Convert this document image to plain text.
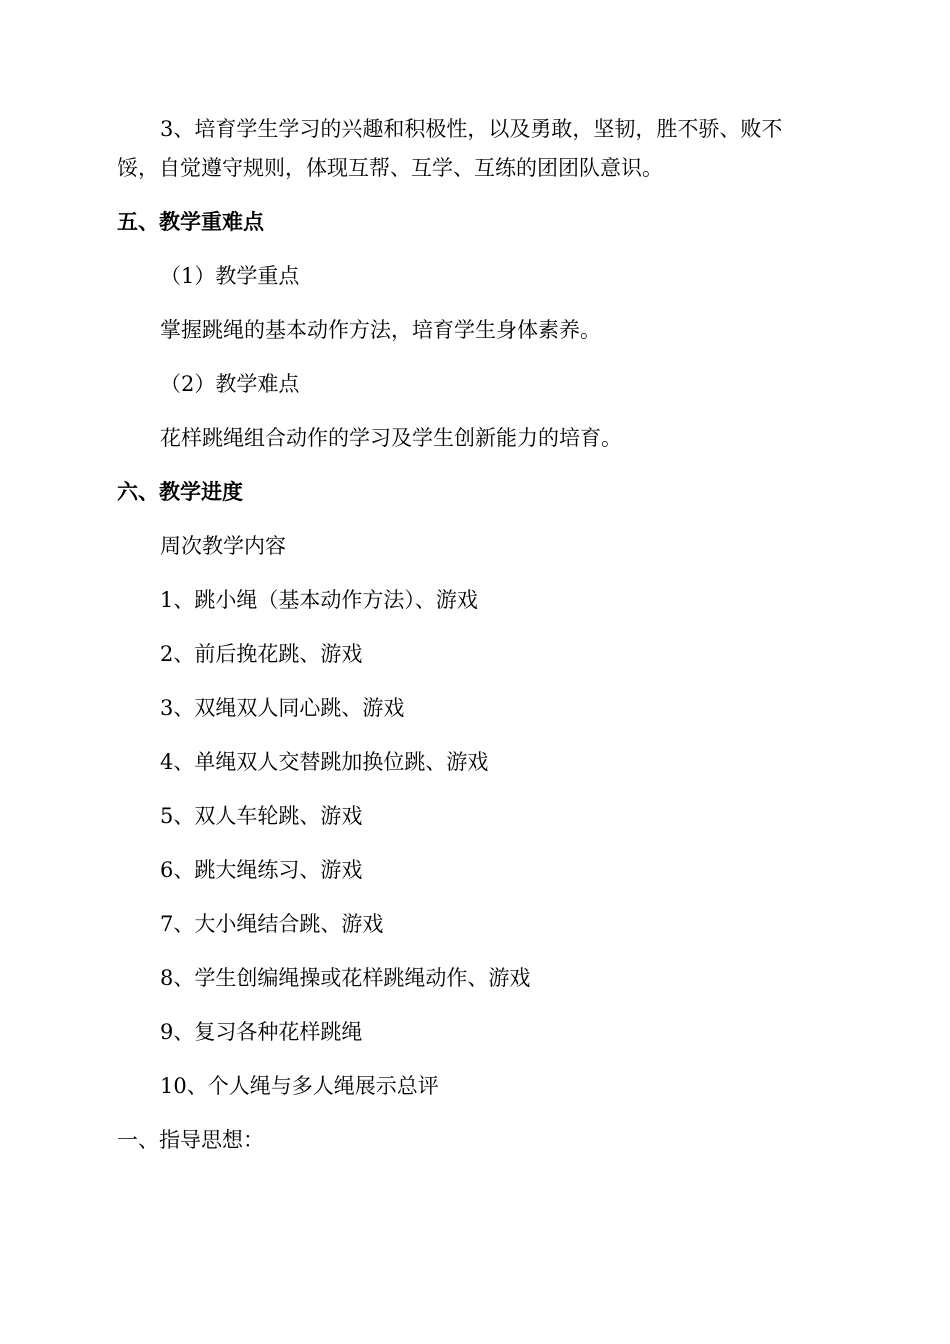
3、培育学生学习的兴趣和积极性，以及勇敢，坚韧，胜不骄、败不
馁，自觉遵守规则，体现互帮、互学、互练的团团队意识。
五、教学重难点
（1）教学重点
掌握跳绳的基本动作方法，培育学生身体素养。
（2）教学难点
花样跳绳组合动作的学习及学生创新能力的培育。
六、教学进度
周次教学内容
1、跳小绳（基本动作方法）、游戏
2、前后挽花跳、游戏
3、双绳双人同心跳、游戏
4、单绳双人交替跳加换位跳、游戏
5、双人车轮跳、游戏
6、跳大绳练习、游戏
7、大小绳结合跳、游戏
8、学生创编绳操或花样跳绳动作、游戏
9、复习各种花样跳绳
10、个人绳与多人绳展示总评
一、指导思想：
